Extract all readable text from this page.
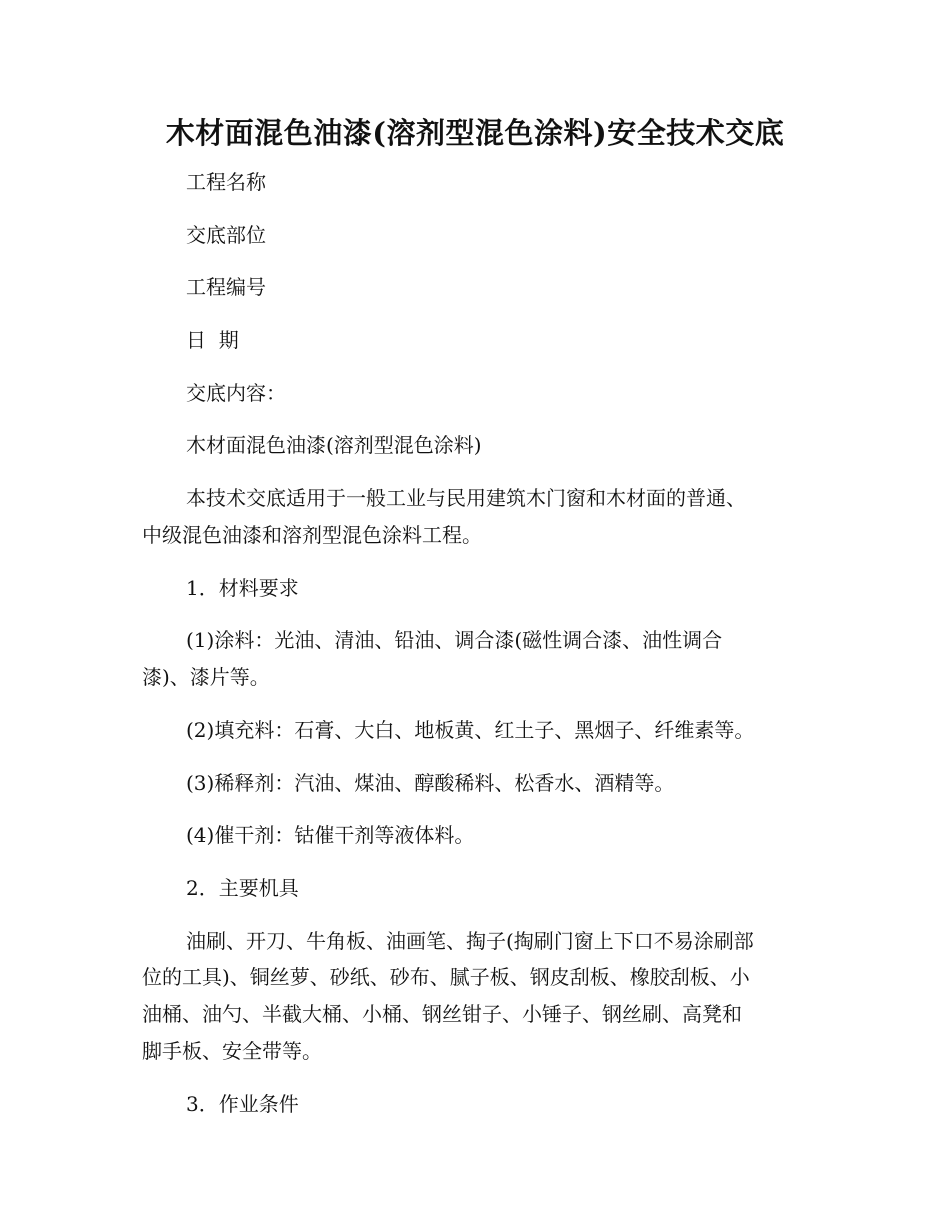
木材面混色油漆(溶剂型混色涂料)安全技术交底
工程名称
交底部位
工程编号
日  期
交底内容：
木材面混色油漆(溶剂型混色涂料)
本技术交底适用于一般工业与民用建筑木门窗和木材面的普通、
中级混色油漆和溶剂型混色涂料工程。
1．材料要求
(1)涂料：光油、清油、铅油、调合漆(磁性调合漆、油性调合
漆)、漆片等。
(2)填充料：石膏、大白、地板黄、红土子、黑烟子、纤维素等。
(3)稀释剂：汽油、煤油、醇酸稀料、松香水、酒精等。
(4)催干剂：钴催干剂等液体料。
2．主要机具
油刷、开刀、牛角板、油画笔、掏子(掏刷门窗上下口不易涂刷部
位的工具)、铜丝萝、砂纸、砂布、腻子板、钢皮刮板、橡胶刮板、小
油桶、油勺、半截大桶、小桶、钢丝钳子、小锤子、钢丝刷、高凳和
脚手板、安全带等。
3．作业条件
